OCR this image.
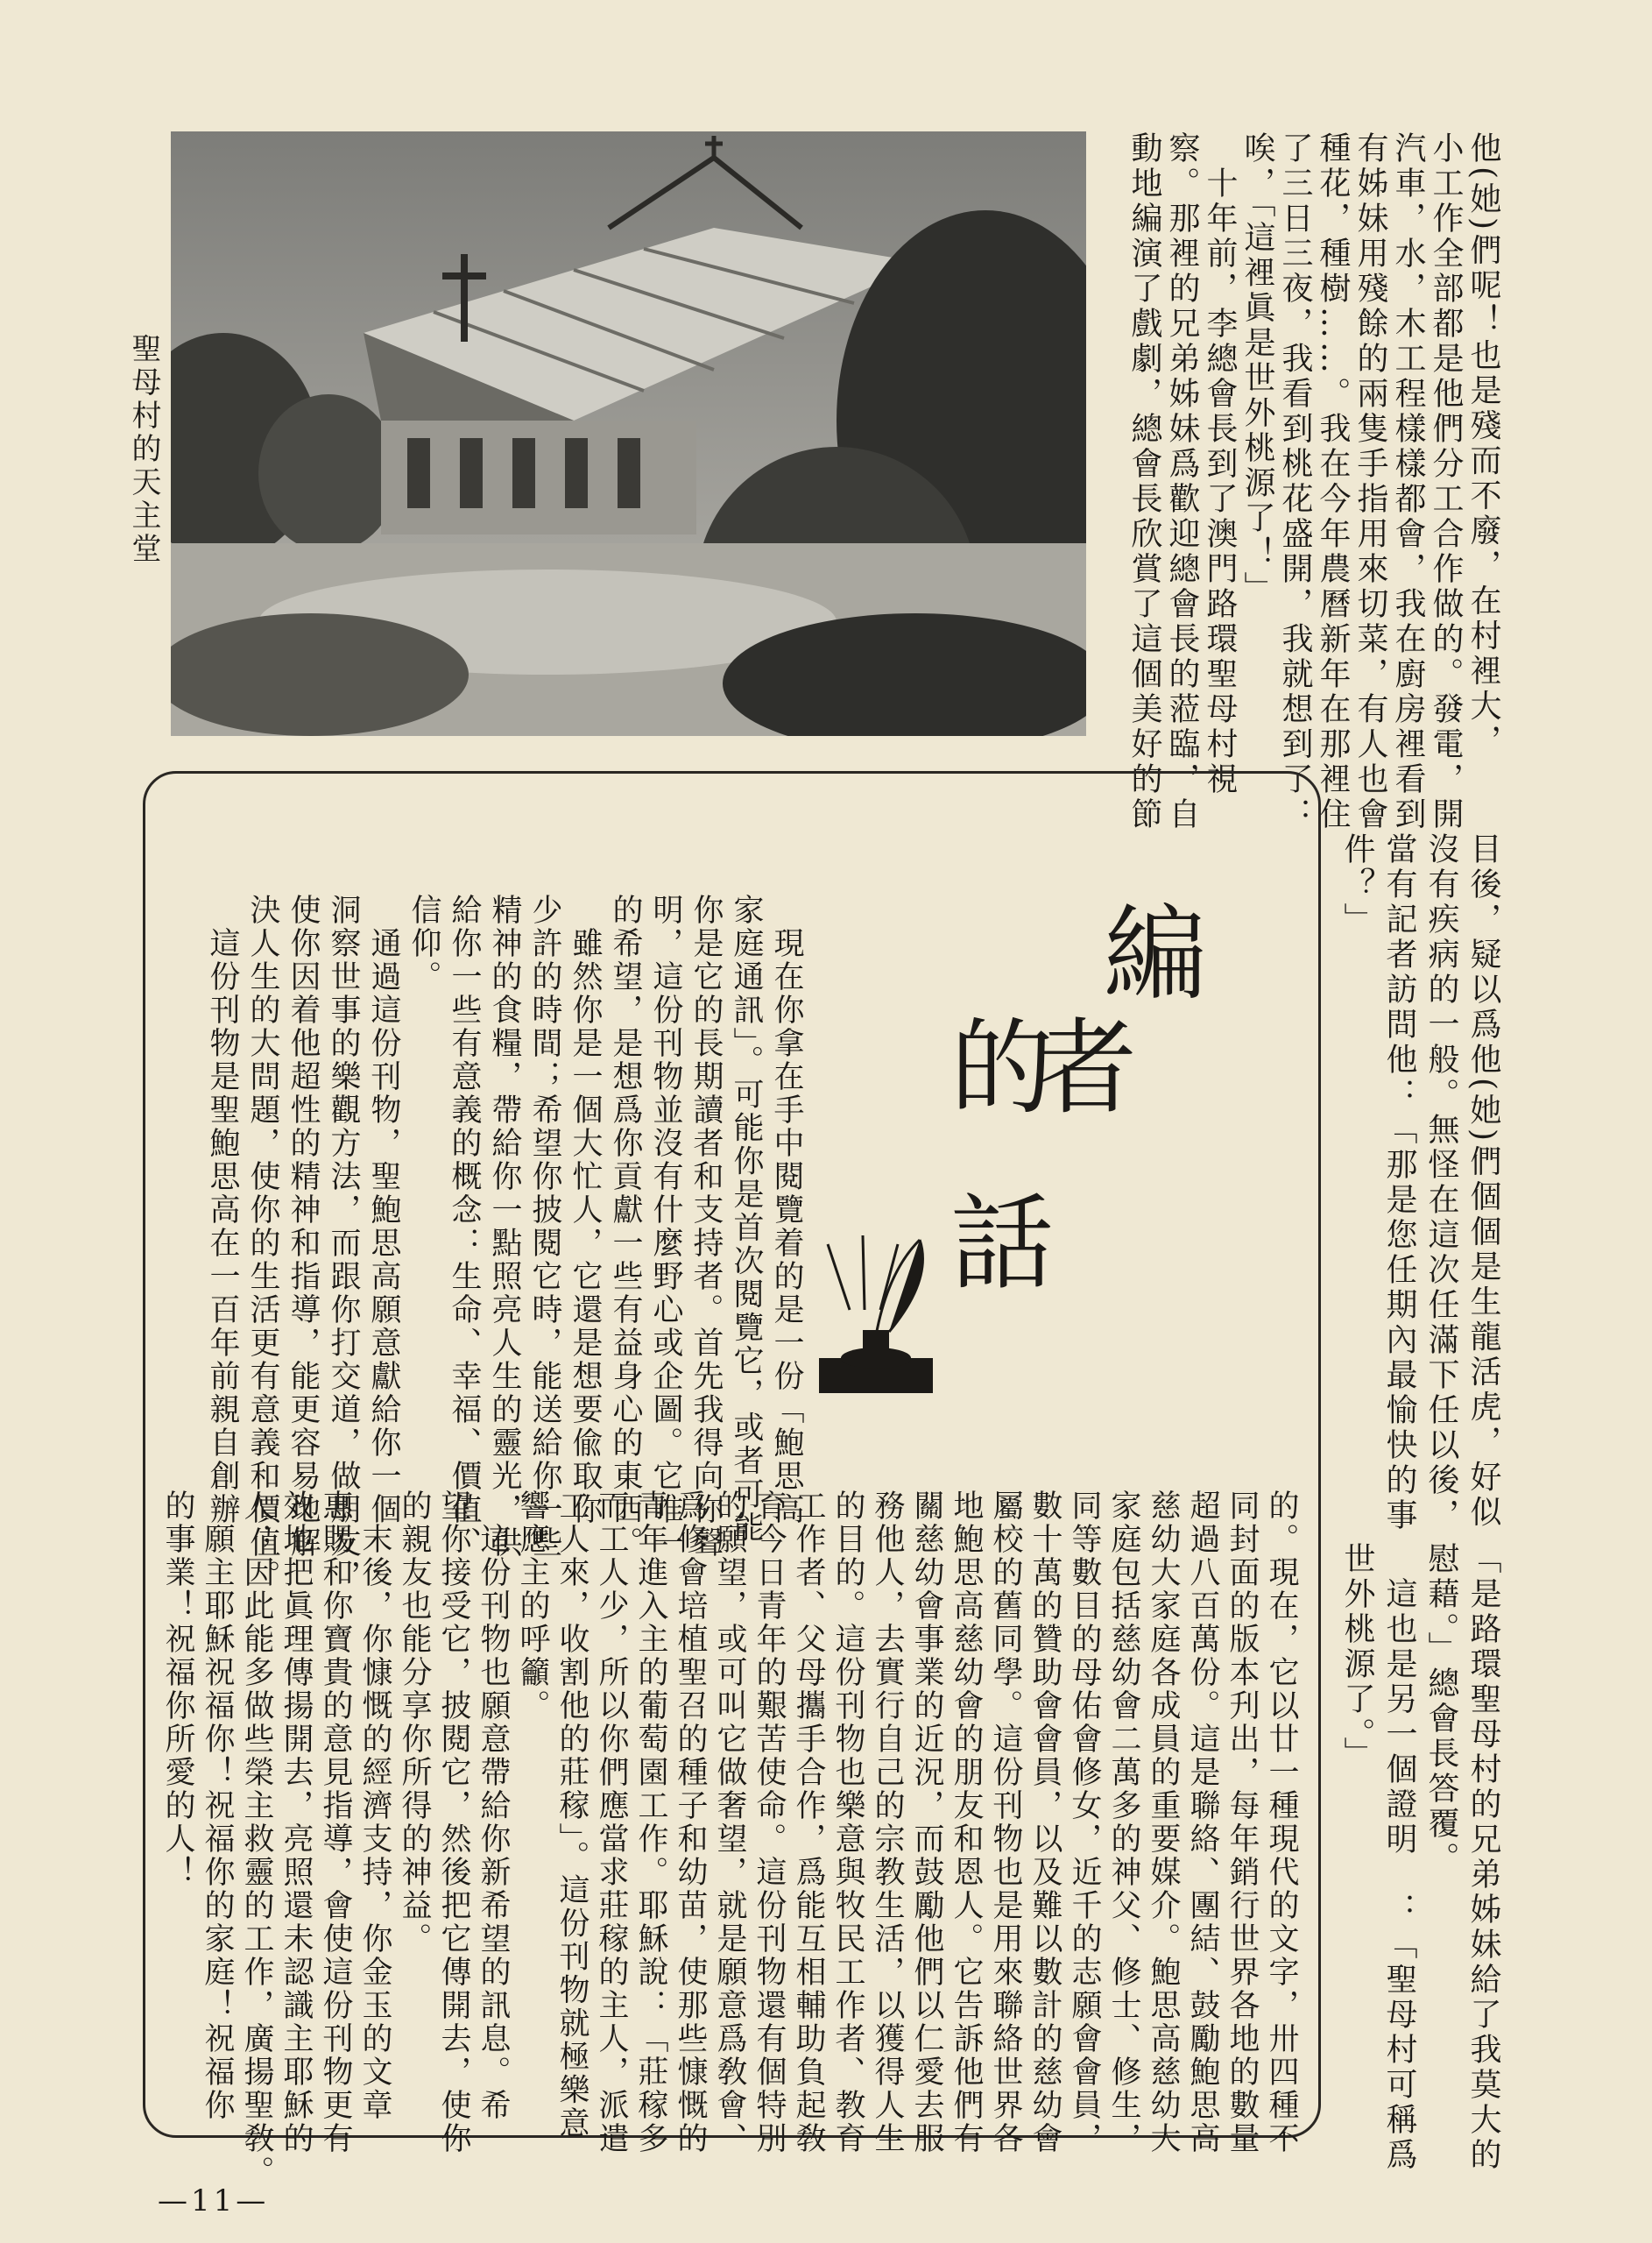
聖母村的天主堂	他(她)們呢！也是殘而不廢，在村裡大，
小工作全部都是他們分工合作做的。發電，開
汽車，水，木工程樣樣都會，我在廚房裡看到
有姊妹用殘餘的兩隻手指用來切菜，有人也會
種花，種樹……。我在今年農曆新年在那裡住
了三日三夜，我看到桃花盛開，我就想到了：
唉，「這裡眞是世外桃源了！」
　十年前，李總會長到了澳門路環聖母村視
察。那裡的兄弟姊妹爲歡迎總會長的蒞臨，自
動地編演了戲劇，總會長欣賞了這個美好的節
目後，疑以爲他(她)們個個是生龍活虎，好似
沒有疾病的一般。無怪在這次任滿下任以後，
當有記者訪問他：「那是您任期內最愉快的事
件？」
「是路環聖母村的兄弟姊妹給了我莫大的
慰藉。」總會長答覆。
　這也是另一個證明　：「聖母村可稱爲
世外桃源了。」
編
者
的
話
　現在你拿在手中閱覽着的是一份「鮑思高
家庭通訊」。可能你是首次閱覽它，或者可能
你是它的長期讀者和支持者。首先我得向你聲
明，這份刊物並沒有什麼野心或企圖。它唯一
的希望，是想爲你貢獻一些有益身心的東西。
　雖然你是一個大忙人，它還是想要偸取你
少許的時間；希望你披閱它時，能送給你一些
精神的食糧，帶給你一點照亮人生的靈光，供
給你一些有意義的概念：生命、幸福、價值、
信仰。
　通過這份刊物，聖鮑思高願意獻給你一個
洞察世事的樂觀方法，而跟你打交道，做朋友，
使你因着他超性的精神和指導，能更容易地解
決人生的大問題，使你的生活更有意義和價值。
　這份刊物是聖鮑思高在一百年前親自創辦
的。現在，它以廿一種現代的文字，卅四種不
同封面的版本刋出，每年銷行世界各地的數量
超過八百萬份。這是聯絡、團結、鼓勵鮑思高
慈幼大家庭各成員的重要媒介。鮑思高慈幼大
家庭包括慈幼會二萬多的神父、修士、修生，
同等數目的母佑會修女，近千的志願會會員，
數十萬的贊助會會員，以及難以數計的慈幼會
屬校的舊同學。這份刊物也是用來聯絡世界各
地鮑思高慈幼會的朋友和恩人。它告訴他們有
關慈幼會事業的近況，而鼓勵他們以仁愛去服
務他人，去實行自己的宗教生活，以獲得人生
的目的。這份刊物也樂意與牧民工作者、教育
工作者、父母攜手合作，爲能互相輔助負起敎
育今日青年的艱苦使命。這份刊物還有個特別
的願望，或可叫它做奢望，就是願意爲敎會、
爲修會培植聖召的種子和幼苗，使那些慷慨的
青年進入主的葡萄園工作。耶穌說：「莊稼多
而工人少，所以你們應當求莊稼的主人，派遣
工人來，收割他的莊稼」。這份刊物就極樂意
響應主的呼籲。
　這份刊物也願意帶給你新希望的訊息。希
望你接受它，披閱它，然後把它傳開去，使你
的親友也能分享你所得的神益。
　末後，你慷慨的經濟支持，你金玉的文章
惠賜和你寶貴的意見指導，會使這份刊物更有
效地把眞理傳揚開去，亮照還未認識主耶穌的
人；因此能多做些榮主救靈的工作，廣揚聖敎。
　願主耶穌祝福你！祝福你的家庭！祝福你
的事業！祝福你所愛的人！
—11—
